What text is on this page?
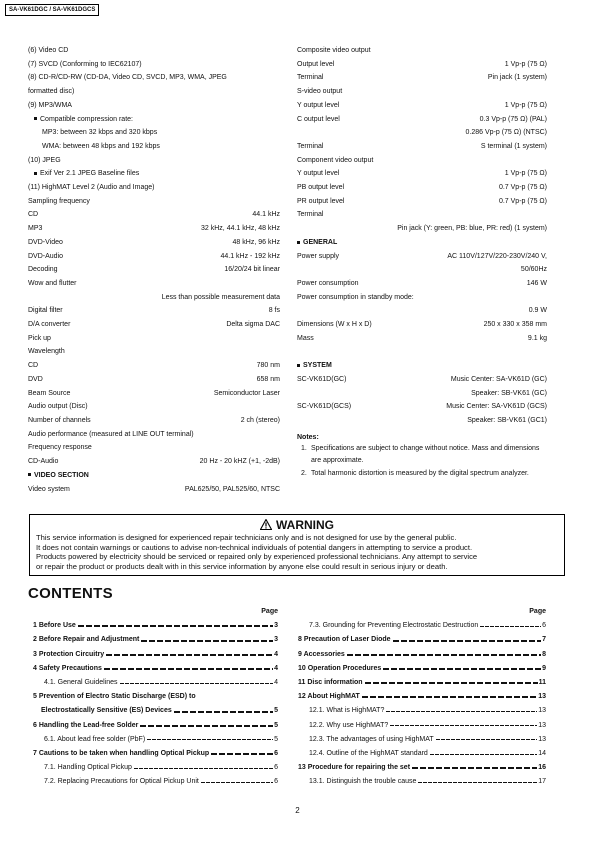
SA-VK61DGC / SA-VK61DGCS
(6) Video CD
(7) SVCD (Conforming to IEC62107)
(8) CD-R/CD-RW (CD-DA, Video CD, SVCD, MP3, WMA, JPEG
formatted disc)
(9) MP3/WMA
Compatible compression rate:
MP3: between 32 kbps and 320 kbps
WMA: between 48 kbps and 192 kbps
(10) JPEG
Exif Ver 2.1 JPEG Baseline files
(11) HighMAT Level 2 (Audio and Image)
Sampling frequency
CD	44.1 kHz
MP3	32 kHz, 44.1 kHz, 48 kHz
DVD-Video	48 kHz, 96 kHz
DVD-Audio	44.1 kHz - 192 kHz
Decoding	16/20/24 bit linear
Wow and flutter
Less than possible measurement data
Digital filter	8 fs
D/A converter	Delta sigma DAC
Pick up
Wavelength
CD	780 nm
DVD	658 nm
Beam Source	Semiconductor Laser
Audio output (Disc)
Number of channels	2 ch (stereo)
Audio performance (measured at LINE OUT terminal)
Frequency response
CD-Audio	20 Hz - 20 kHZ (+1, -2dB)
VIDEO SECTION
Video system	PAL625/50, PAL525/60, NTSC
Composite video output
Output level	1 Vp-p (75 Ω)
Terminal	Pin jack (1 system)
S-video output
Y output level	1 Vp-p (75 Ω)
C output level	0.3 Vp-p (75 Ω) (PAL)
0.286 Vp-p (75 Ω) (NTSC)
Terminal	S terminal (1 system)
Component video output
Y output level	1 Vp-p (75 Ω)
PB output level	0.7 Vp-p (75 Ω)
PR output level	0.7 Vp-p (75 Ω)
Terminal
Pin jack (Y: green, PB: blue, PR: red) (1 system)
GENERAL
Power supply	AC 110V/127V/220-230V/240 V,
50/60Hz
Power consumption	146 W
Power consumption in standby mode:
0.9 W
Dimensions (W x H x D)	250 x 330 x 358 mm
Mass	9.1 kg

SYSTEM
SC-VK61D(GC)	Music Center: SA-VK61D (GC)
Speaker: SB-VK61 (GC)
SC-VK61D(GCS)	Music Center: SA-VK61D (GCS)
Speaker: SB-VK61 (GC1)
Notes:
1. Specifications are subject to change without notice. Mass and dimensions are approximate.
2. Total harmonic distortion is measured by the digital spectrum analyzer.
WARNING
This service information is designed for experienced repair technicians only and is not designed for use by the general public.
It does not contain warnings or cautions to advise non-technical individuals of potential dangers in attempting to service a product.
Products powered by electricity should be serviced or repaired only by experienced professional technicians. Any attempt to service
or repair the product or products dealt with in this service information by anyone else could result in serious injury or death.
CONTENTS
Page
1 Before Use	3
2 Before Repair and Adjustment	3
3 Protection Circuitry	4
4 Safety Precautions	4
4.1. General Guidelines	4
5 Prevention of Electro Static Discharge (ESD) to
Electrostatically Sensitive (ES) Devices	5
6 Handling the Lead-free Solder	5
6.1. About lead free solder (PbF)	5
7 Cautions to be taken when handling Optical Pickup	6
7.1. Handling Optical Pickup	6
7.2. Replacing Precautions for Optical Pickup Unit	6
Page
7.3. Grounding for Preventing Electrostatic Destruction	6
8 Precaution of Laser Diode	7
9 Accessories	8
10 Operation Procedures	9
11 Disc information	11
12 About HighMAT	13
12.1. What is HighMAT?	13
12.2. Why use HighMAT?	13
12.3. The advantages of using HighMAT	13
12.4. Outline of the HighMAT standard	14
13 Procedure for repairing the set	16
13.1. Distinguish the trouble cause	17
2
